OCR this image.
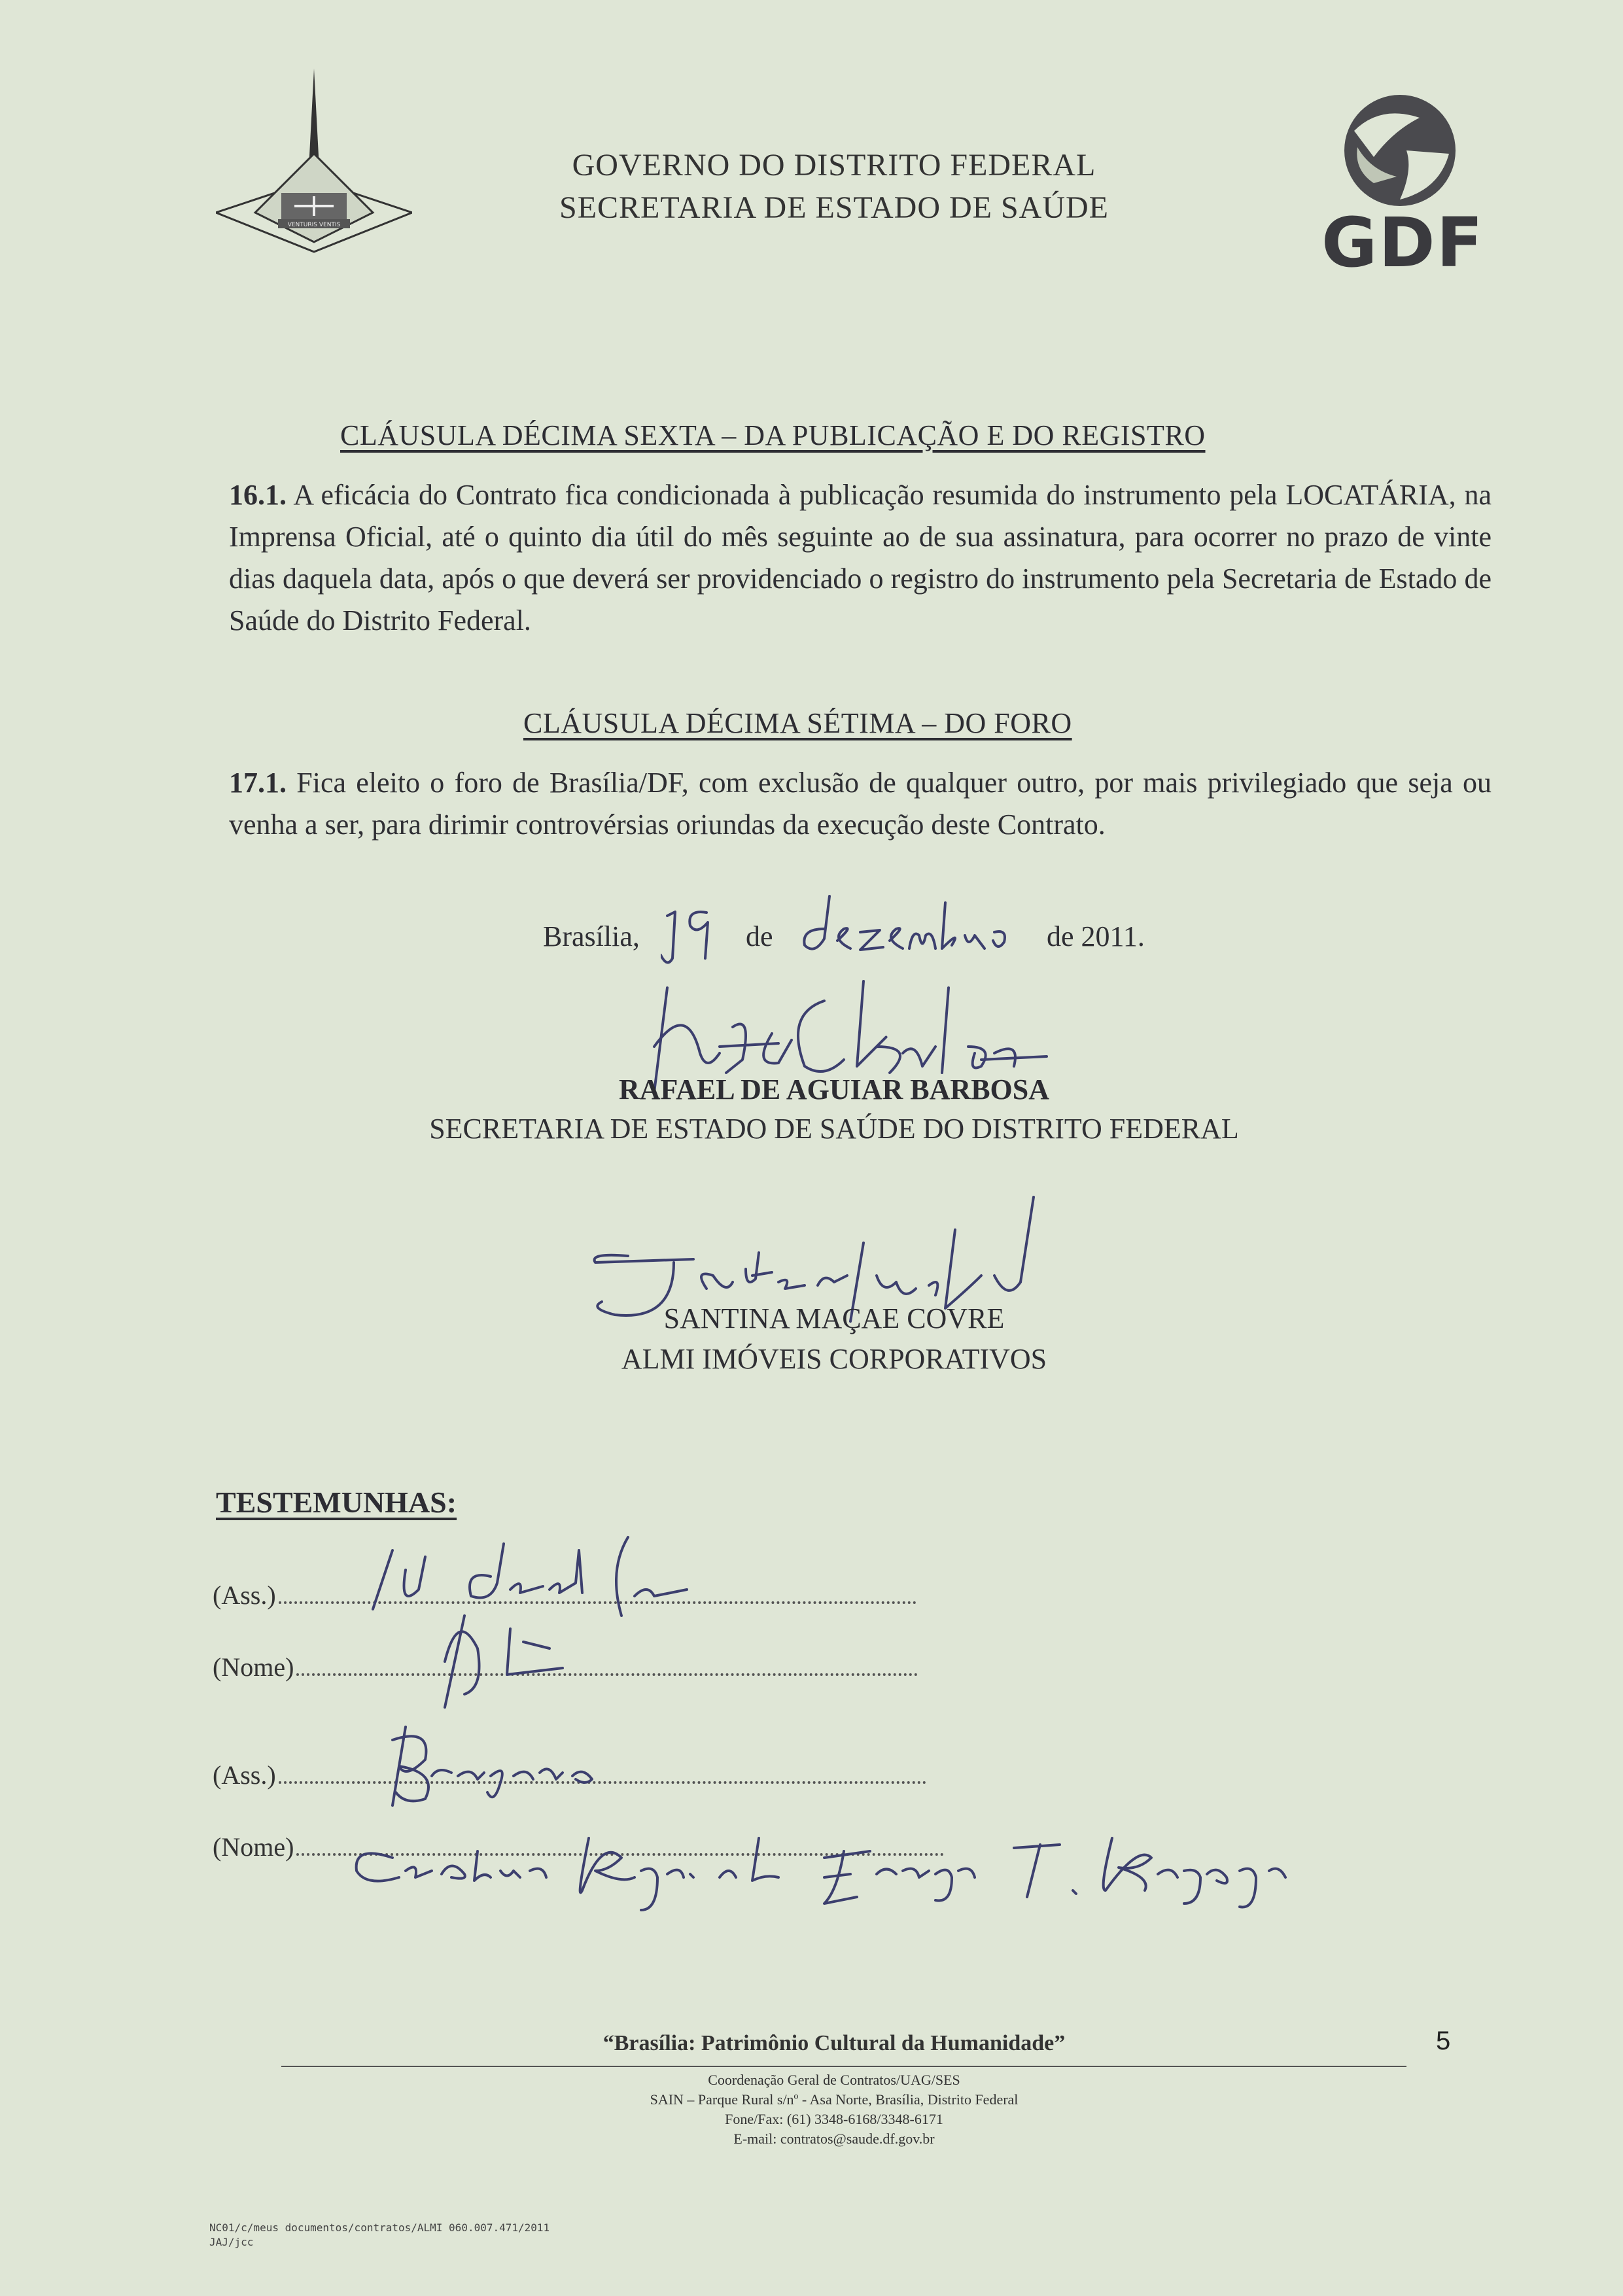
VENTURIS VENTIS
GOVERNO DO DISTRITO FEDERAL
SECRETARIA DE ESTADO DE SAÚDE	GDF
CLÁUSULA DÉCIMA SEXTA – DA PUBLICAÇÃO E DO REGISTRO
16.1. A eficácia do Contrato fica condicionada à publicação resumida do instrumento pela LOCATÁRIA, na Imprensa Oficial, até o quinto dia útil do mês seguinte ao de sua assinatura, para ocorrer no prazo de vinte dias daquela data, após o que deverá ser providenciado o registro do instrumento pela Secretaria de Estado de Saúde do Distrito Federal.
CLÁUSULA DÉCIMA SÉTIMA – DO FORO
17.1. Fica eleito o foro de Brasília/DF, com exclusão de qualquer outro, por mais privilegiado que seja ou venha a ser, para dirimir controvérsias oriundas da execução deste Contrato.
Brasília,	de	de 2011.
RAFAEL DE AGUIAR BARBOSA
SECRETARIA DE ESTADO DE SAÚDE DO DISTRITO FEDERAL
SANTINA MAÇAE COVRE
ALMI IMÓVEIS CORPORATIVOS
TESTEMUNHAS:
(Ass.)
(Nome)
(Ass.)
(Nome)
“Brasília: Patrimônio Cultural da Humanidade”	5
Coordenação Geral de Contratos/UAG/SES
SAIN – Parque Rural s/nº - Asa Norte, Brasília, Distrito Federal
Fone/Fax: (61) 3348-6168/3348-6171
E-mail: contratos@saude.df.gov.br
NC01/c/meus documentos/contratos/ALMI 060.007.471/2011
JAJ/jcc
